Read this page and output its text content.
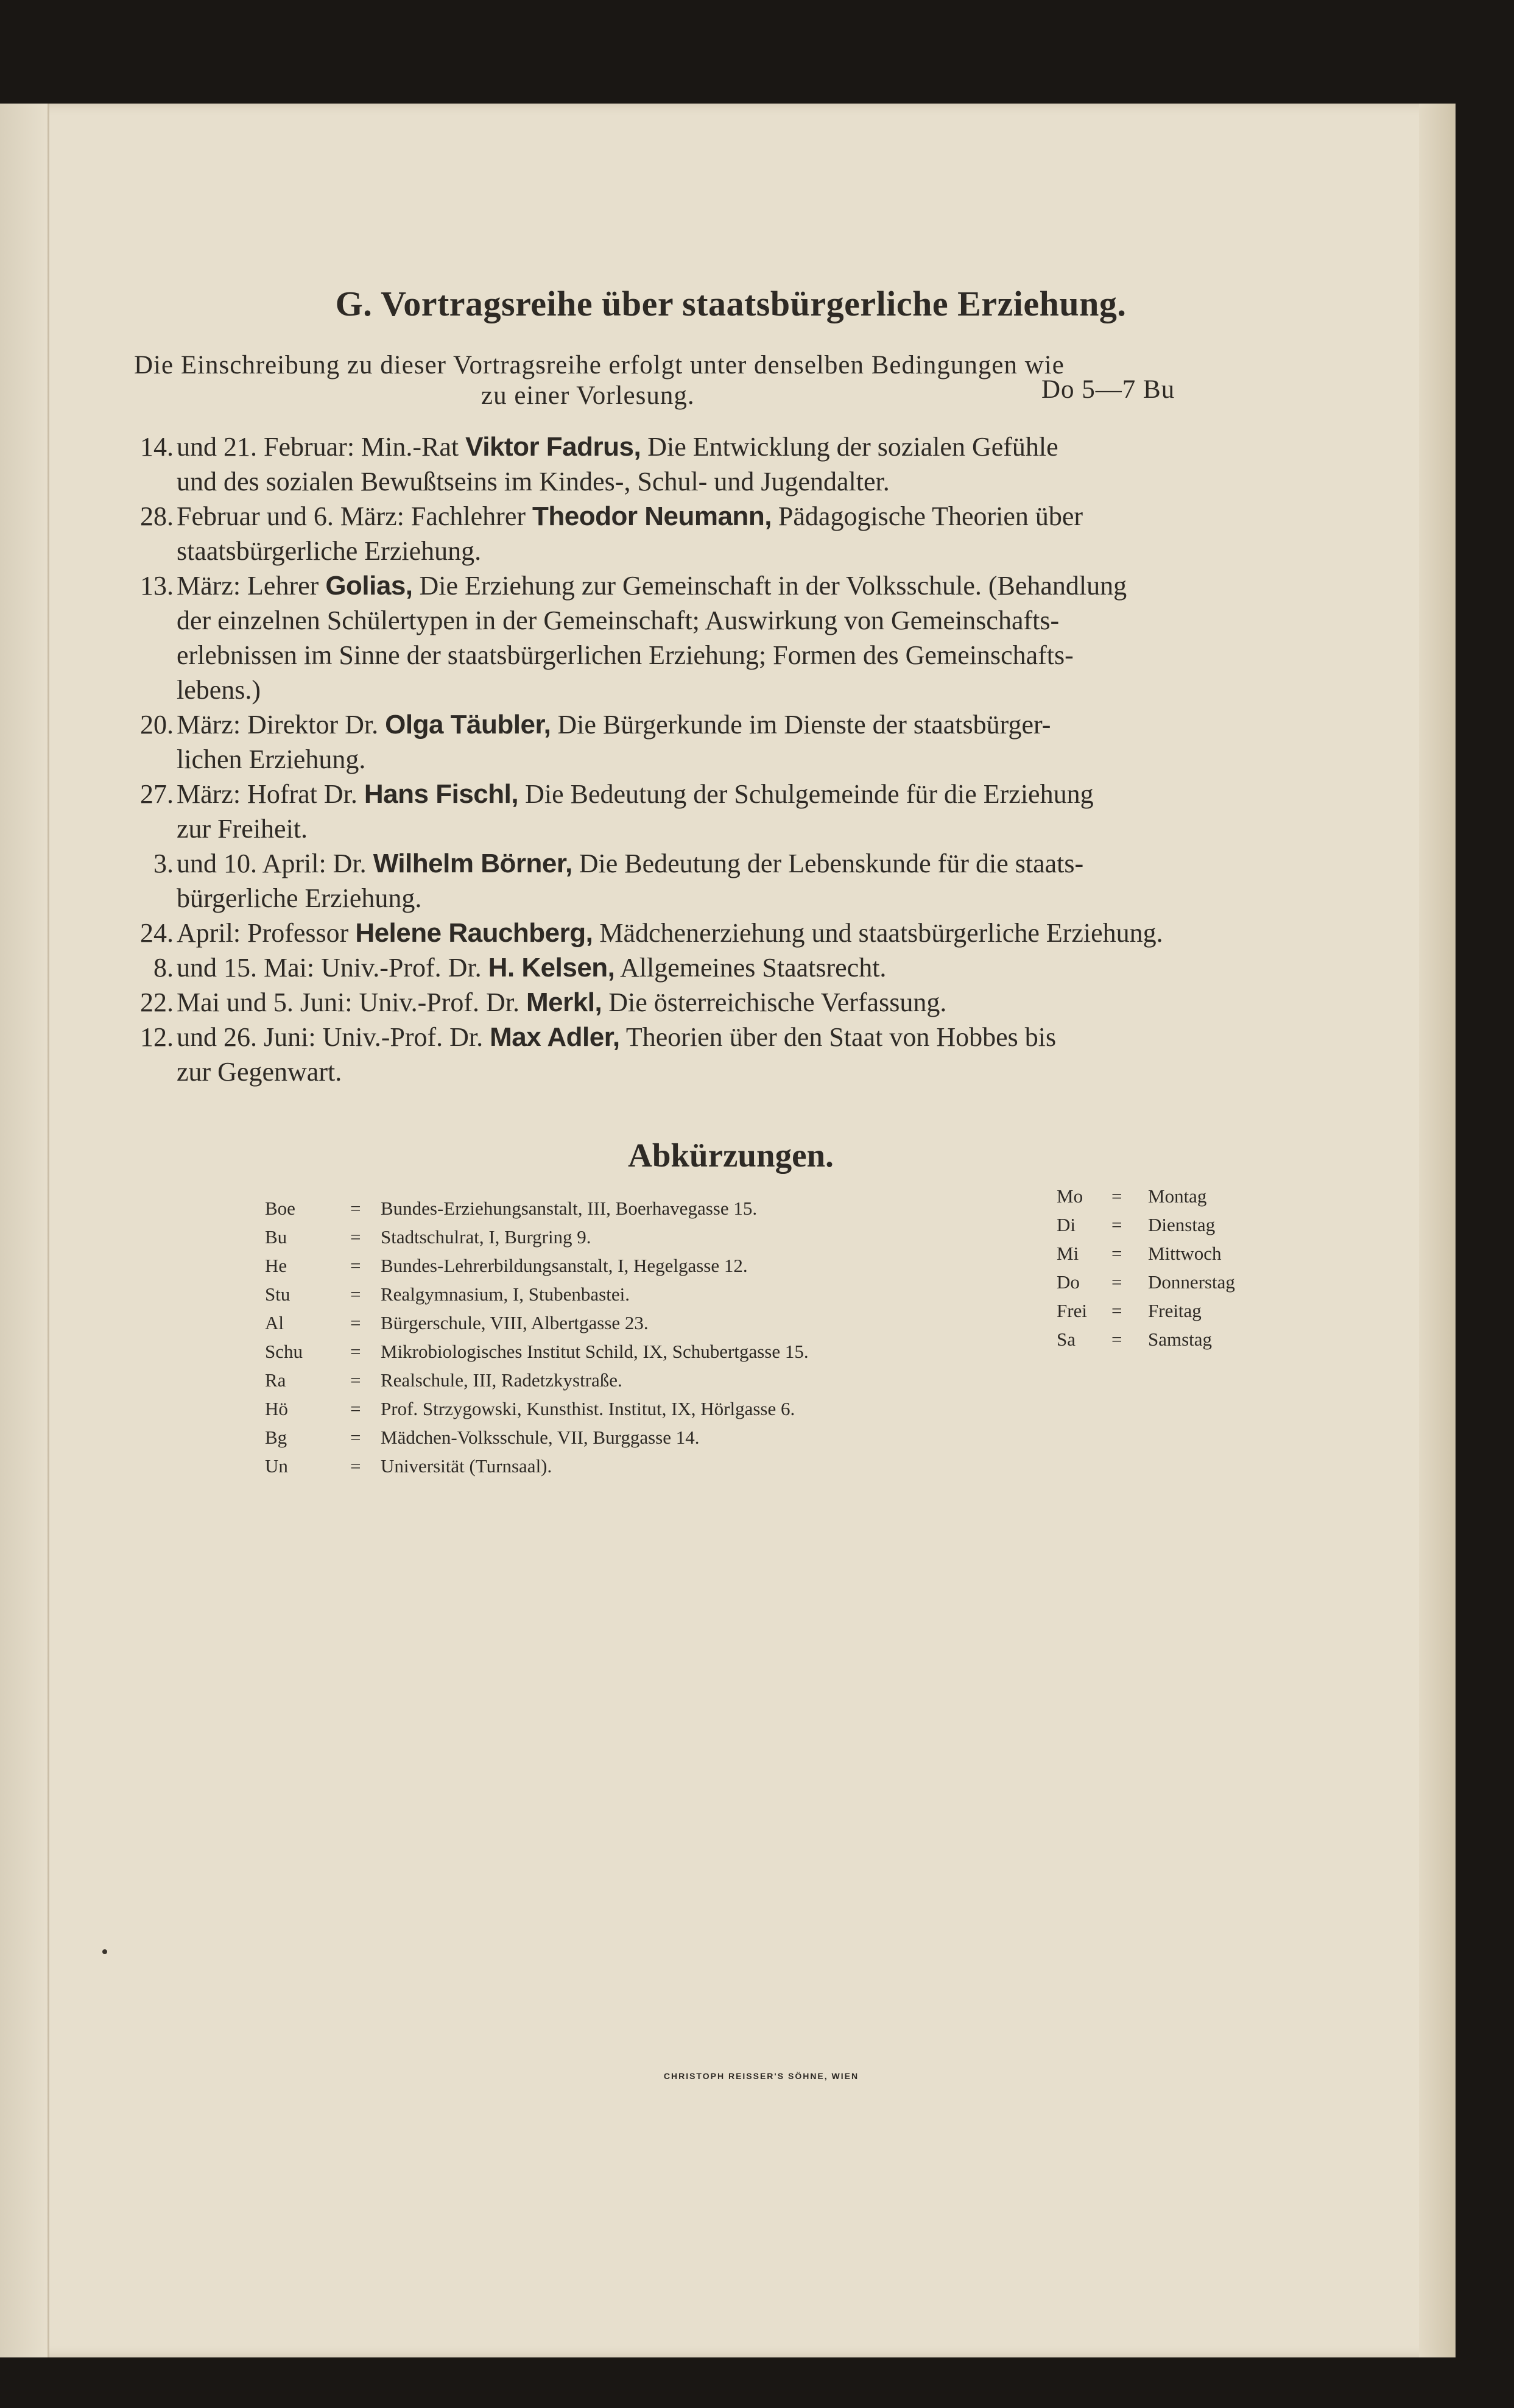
G. Vortragsreihe über staatsbürgerliche Erziehung.
Die Einschreibung zu dieser Vortragsreihe erfolgt unter denselben Bedingungen wie
zu einer Vorlesung.	Do 5—7 Bu
14. und 21. Februar: Min.-Rat Viktor Fadrus, Die Entwicklung der sozialen Gefühle
und des sozialen Bewußtseins im Kindes-, Schul- und Jugendalter.
28. Februar und 6. März: Fachlehrer Theodor Neumann, Pädagogische Theorien über
staatsbürgerliche Erziehung.
13. März: Lehrer Golias, Die Erziehung zur Gemeinschaft in der Volksschule. (Behandlung
der einzelnen Schülertypen in der Gemeinschaft; Auswirkung von Gemeinschafts-
erlebnissen im Sinne der staatsbürgerlichen Erziehung; Formen des Gemeinschafts-
lebens.)
20. März: Direktor Dr. Olga Täubler, Die Bürgerkunde im Dienste der staatsbürger-
lichen Erziehung.
27. März: Hofrat Dr. Hans Fischl, Die Bedeutung der Schulgemeinde für die Erziehung
zur Freiheit.
3. und 10. April: Dr. Wilhelm Börner, Die Bedeutung der Lebenskunde für die staats-
bürgerliche Erziehung.
24. April: Professor Helene Rauchberg, Mädchenerziehung und staatsbürgerliche Erziehung.
8. und 15. Mai: Univ.-Prof. Dr. H. Kelsen, Allgemeines Staatsrecht.
22. Mai und 5. Juni: Univ.-Prof. Dr. Merkl, Die österreichische Verfassung.
12. und 26. Juni: Univ.-Prof. Dr. Max Adler, Theorien über den Staat von Hobbes bis
zur Gegenwart.
Abkürzungen.
Boe	=	Bundes-Erziehungsanstalt, III, Boerhavegasse 15.
Bu	=	Stadtschulrat, I, Burgring 9.
He	=	Bundes-Lehrerbildungsanstalt, I, Hegelgasse 12.
Stu	=	Realgymnasium, I, Stubenbastei.
Al	=	Bürgerschule, VIII, Albertgasse 23.
Schu	=	Mikrobiologisches Institut Schild, IX, Schubertgasse 15.
Ra	=	Realschule, III, Radetzkystraße.
Hö	=	Prof. Strzygowski, Kunsthist. Institut, IX, Hörlgasse 6.
Bg	=	Mädchen-Volksschule, VII, Burggasse 14.
Un	=	Universität (Turnsaal).
Mo	=	Montag
Di	=	Dienstag
Mi	=	Mittwoch
Do	=	Donnerstag
Frei	=	Freitag
Sa	=	Samstag
CHRISTOPH REISSER'S SÖHNE, WIEN
